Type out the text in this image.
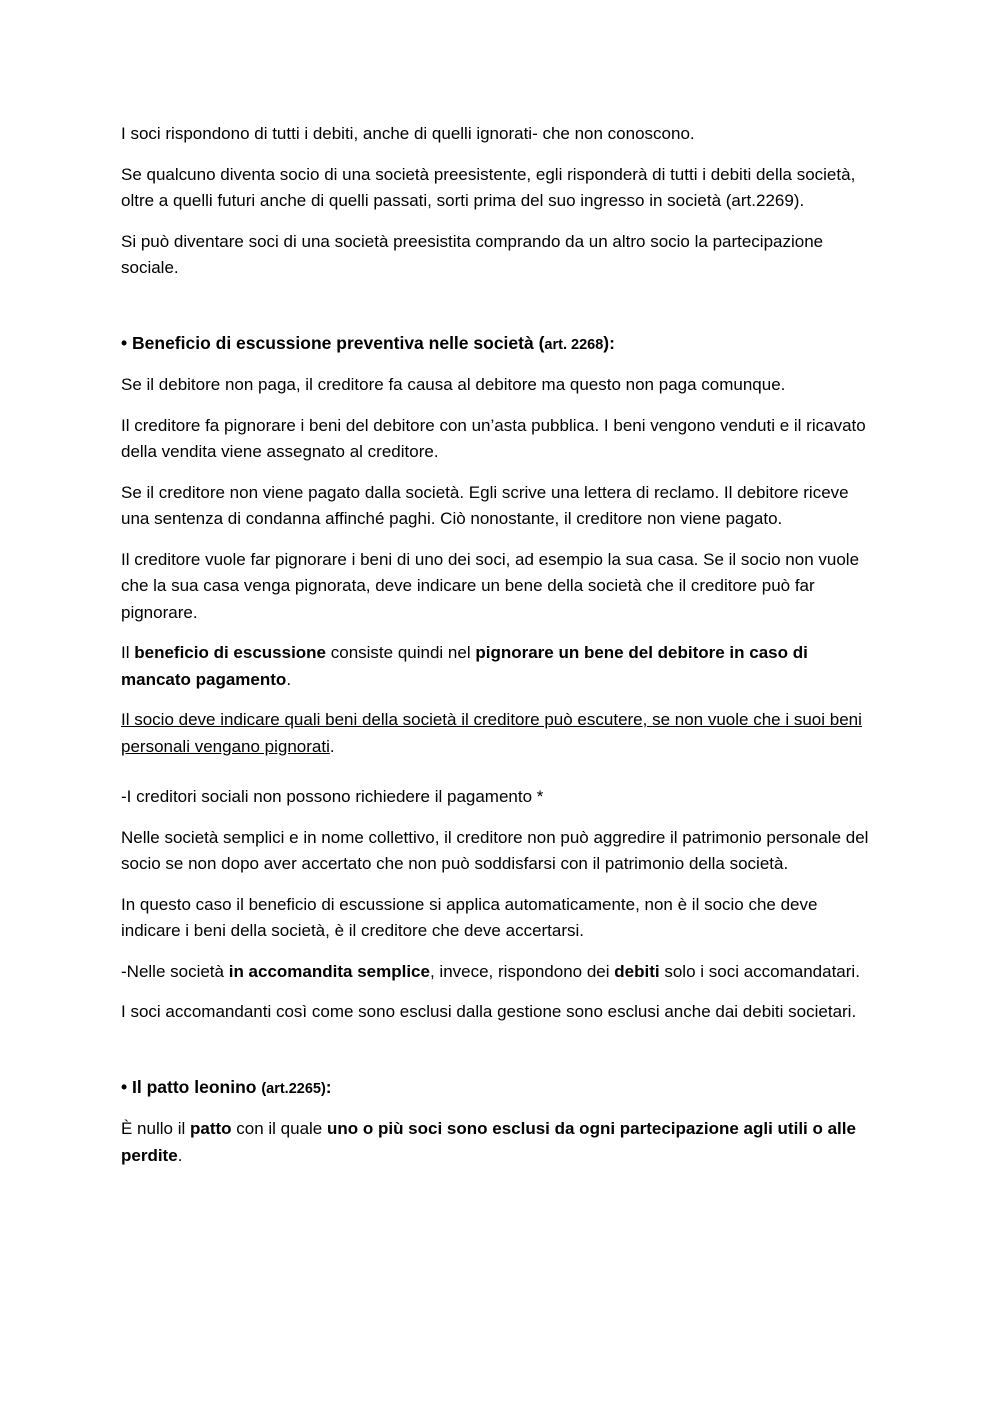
I soci rispondono di tutti i debiti, anche di quelli ignorati- che non conoscono.

Se qualcuno diventa socio di una società preesistente, egli risponderà di tutti i debiti della società, oltre a quelli futuri anche di quelli passati, sorti prima del suo ingresso in società (art.2269).

Si può diventare soci di una società preesistita comprando da un altro socio la partecipazione sociale.

• Beneficio di escussione preventiva nelle società (art. 2268):

Se il debitore non paga, il creditore fa causa al debitore ma questo non paga comunque.

Il creditore fa pignorare i beni del debitore con un’asta pubblica. I beni vengono venduti e il ricavato della vendita viene assegnato al creditore.

Se il creditore non viene pagato dalla società. Egli scrive una lettera di reclamo. Il debitore riceve una sentenza di condanna affinché paghi. Ciò nonostante, il creditore non viene pagato.

Il creditore vuole far pignorare i beni di uno dei soci, ad esempio la sua casa. Se il socio non vuole che la sua casa venga pignorata, deve indicare un bene della società che il creditore può far pignorare.

Il beneficio di escussione consiste quindi nel pignorare un bene del debitore in caso di mancato pagamento.

Il socio deve indicare quali beni della società il creditore può escutere, se non vuole che i suoi beni personali vengano pignorati.

-I creditori sociali non possono richiedere il pagamento *

Nelle società semplici e in nome collettivo, il creditore non può aggredire il patrimonio personale del socio se non dopo aver accertato che non può soddisfarsi con il patrimonio della società.

In questo caso il beneficio di escussione si applica automaticamente, non è il socio che deve indicare i beni della società, è il creditore che deve accertarsi.

-Nelle società in accomandita semplice, invece, rispondono dei debiti solo i soci accomandatari.

I soci accomandanti così come sono esclusi dalla gestione sono esclusi anche dai debiti societari.

• Il patto leonino (art.2265):

È nullo il patto con il quale uno o più soci sono esclusi da ogni partecipazione agli utili o alle perdite.
